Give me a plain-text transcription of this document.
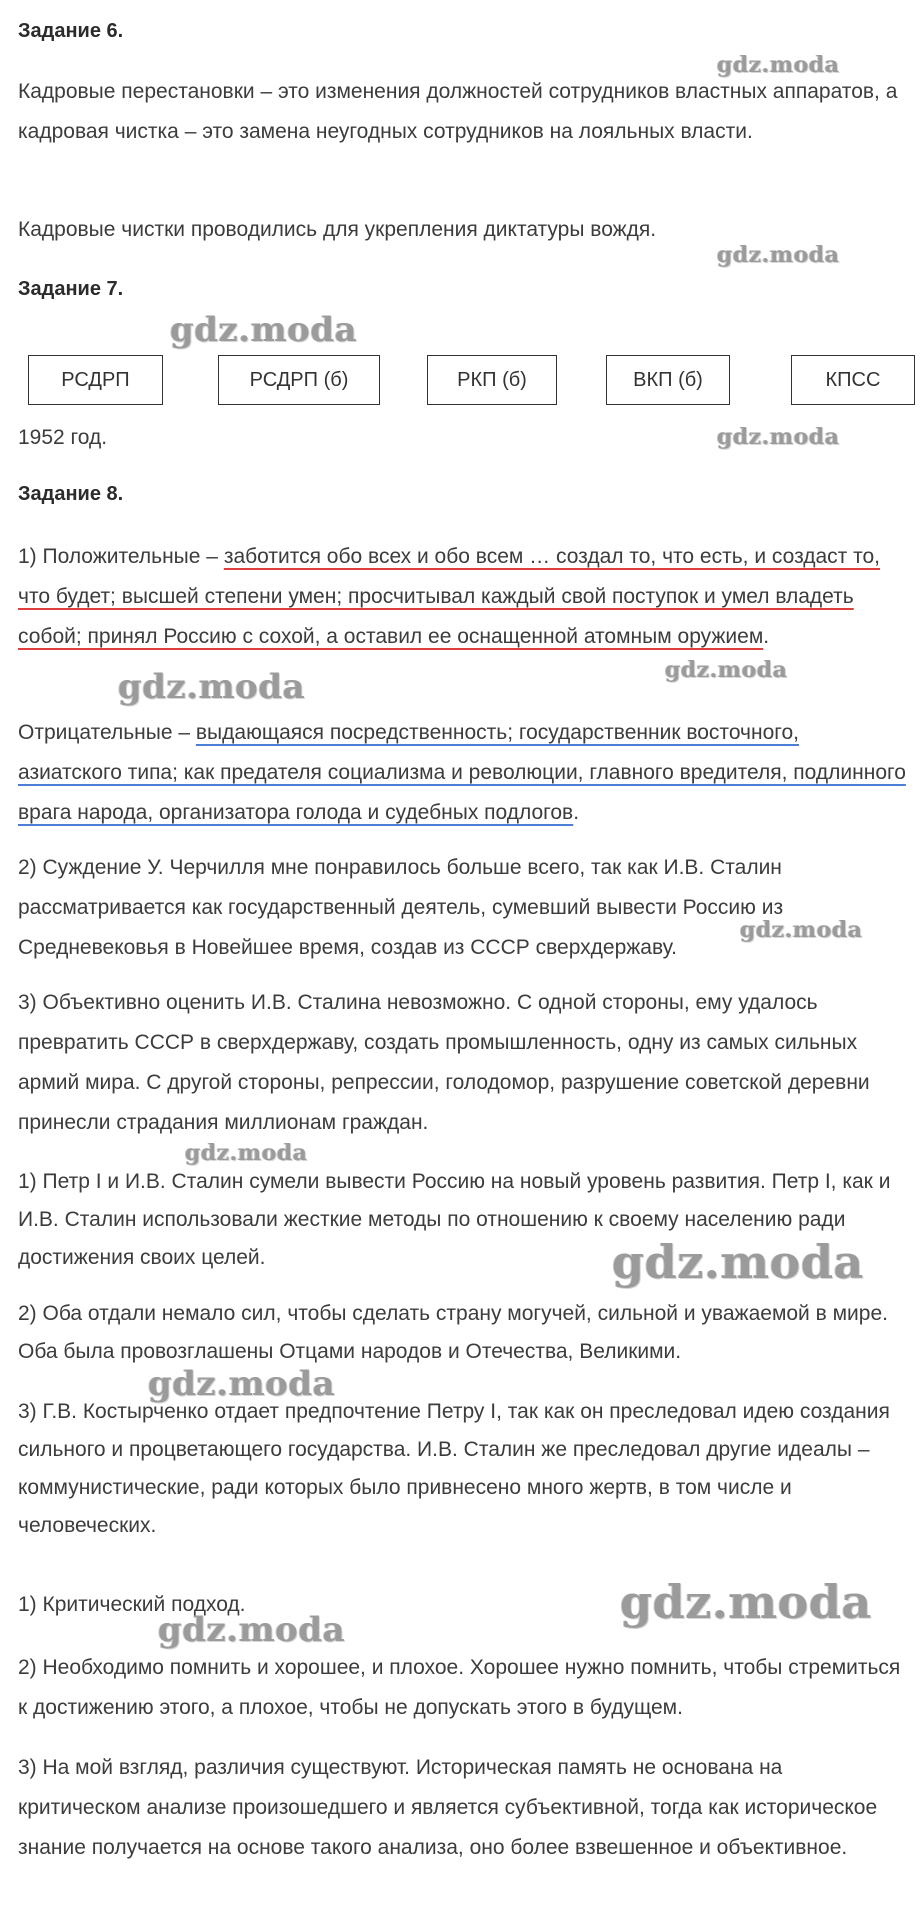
Задание 6.

Кадровые перестановки – это изменения должностей сотрудников властных аппаратов, а кадровая чистка – это замена неугодных сотрудников на лояльных власти.

Кадровые чистки проводились для укрепления диктатуры вождя.

Задание 7.
РСДРП	РСДРП (б)	РКП (б)	ВКП (б)	КПСС

1952 год.

Задание 8.

1) Положительные – заботится обо всех и обо всем … создал то, что есть, и создаст то, что будет; высшей степени умен; просчитывал каждый свой поступок и умел владеть собой; принял Россию с сохой, а оставил ее оснащенной атомным оружием.

Отрицательные – выдающаяся посредственность; государственник восточного, азиатского типа; как предателя социализма и революции, главного вредителя, подлинного врага народа, организатора голода и судебных подлогов.

2) Суждение У. Черчилля мне понравилось больше всего, так как И.В. Сталин рассматривается как государственный деятель, сумевший вывести Россию из Средневековья в Новейшее время, создав из СССР сверхдержаву.

3) Объективно оценить И.В. Сталина невозможно. С одной стороны, ему удалось превратить СССР в сверхдержаву, создать промышленность, одну из самых сильных армий мира. С другой стороны, репрессии, голодомор, разрушение советской деревни принесли страдания миллионам граждан.

1) Петр I и И.В. Сталин сумели вывести Россию на новый уровень развития. Петр I, как и И.В. Сталин использовали жесткие методы по отношению к своему населению ради достижения своих целей.

2) Оба отдали немало сил, чтобы сделать страну могучей, сильной и уважаемой в мире. Оба была провозглашены Отцами народов и Отечества, Великими.

3) Г.В. Костырченко отдает предпочтение Петру I, так как он преследовал идею создания сильного и процветающего государства. И.В. Сталин же преследовал другие идеалы – коммунистические, ради которых было привнесено много жертв, в том числе и человеческих.

1) Критический подход.

2) Необходимо помнить и хорошее, и плохое. Хорошее нужно помнить, чтобы стремиться к достижению этого, а плохое, чтобы не допускать этого в будущем.

3) На мой взгляд, различия существуют. Историческая память не основана на критическом анализе произошедшего и является субъективной, тогда как историческое знание получается на основе такого анализа, оно более взвешенное и объективное.

gdz.moda
gdz.moda
gdz.moda
gdz.moda
gdz.moda	gdz.moda
gdz.moda
gdz.moda
gdz.moda
gdz.moda
gdz.moda
gdz.moda
